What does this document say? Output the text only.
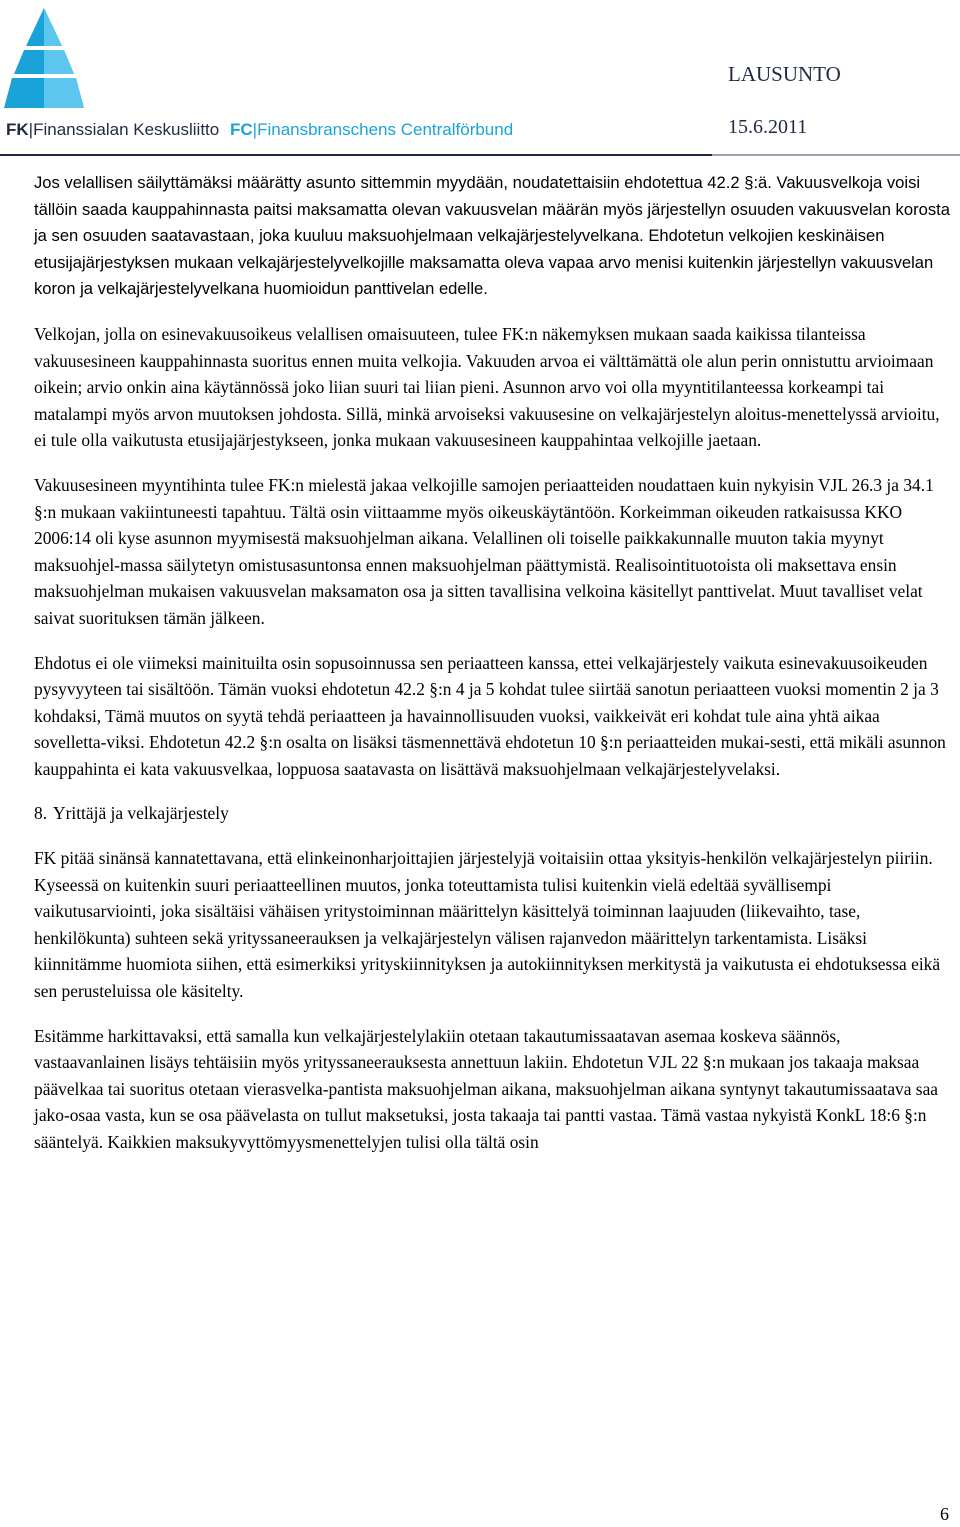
FK|Finanssialan Keskusliitto FC|Finansbranschens Centralförbund
LAUSUNTO
15.6.2011

Jos velallisen säilyttämäksi määrätty asunto sittemmin myydään, noudatettaisiin ehdotettua 42.2 §:ä. Vakuusvelkoja voisi tällöin saada kauppahinnasta paitsi maksamatta olevan vakuusvelan määrän myös järjestellyn osuuden vakuusvelan korosta ja sen osuuden saatavastaan, joka kuuluu maksuohjelmaan velkajärjestelyvelkana. Ehdotetun velkojien keskinäisen etusijajärjestyksen mukaan velkajärjestelyvelkojille maksamatta oleva vapaa arvo menisi kuitenkin järjestellyn vakuusvelan koron ja velkajärjestelyvelkana huomioidun panttivelan edelle.

Velkojan, jolla on esinevakuusoikeus velallisen omaisuuteen, tulee FK:n näkemyksen mukaan saada kaikissa tilanteissa vakuusesineen kauppahinnasta suoritus ennen muita velkojia. Vakuuden arvoa ei välttämättä ole alun perin onnistuttu arvioimaan oikein; arvio onkin aina käytännössä joko liian suuri tai liian pieni. Asunnon arvo voi olla myyntitilanteessa korkeampi tai matalampi myös arvon muutoksen johdosta. Sillä, minkä arvoiseksi vakuusesine on velkajärjestelyn aloitus-menettelyssä arvioitu, ei tule olla vaikutusta etusijajärjestykseen, jonka mukaan vakuusesineen kauppahintaa velkojille jaetaan.

Vakuusesineen myyntihinta tulee FK:n mielestä jakaa velkojille samojen periaatteiden noudattaen kuin nykyisin VJL 26.3 ja 34.1 §:n mukaan vakiintuneesti tapahtuu. Tältä osin viittaamme myös oikeuskäytäntöön. Korkeimman oikeuden ratkaisussa KKO 2006:14 oli kyse asunnon myymisestä maksuohjelman aikana. Velallinen oli toiselle paikkakunnalle muuton takia myynyt maksuohjel-massa säilytetyn omistusasuntonsa ennen maksuohjelman päättymistä. Realisointituotoista oli maksettava ensin maksuohjelman mukaisen vakuusvelan maksamaton osa ja sitten tavallisina velkoina käsitellyt panttivelat. Muut tavalliset velat saivat suorituksen tämän jälkeen.

Ehdotus ei ole viimeksi mainituilta osin sopusoinnussa sen periaatteen kanssa, ettei velkajärjestely vaikuta esinevakuusoikeuden pysyvyyteen tai sisältöön. Tämän vuoksi ehdotetun 42.2 §:n 4 ja 5 kohdat tulee siirtää sanotun periaatteen vuoksi momentin 2 ja 3 kohdaksi, Tämä muutos on syytä tehdä periaatteen ja havainnollisuuden vuoksi, vaikkeivät eri kohdat tule aina yhtä aikaa sovelletta-viksi. Ehdotetun 42.2 §:n osalta on lisäksi täsmennettävä ehdotetun 10 §:n periaatteiden mukai-sesti, että mikäli asunnon kauppahinta ei kata vakuusvelkaa, loppuosa saatavasta on lisättävä maksuohjelmaan velkajärjestelyvelaksi.

8. Yrittäjä ja velkajärjestely

FK pitää sinänsä kannatettavana, että elinkeinonharjoittajien järjestelyjä voitaisiin ottaa yksityis-henkilön velkajärjestelyn piiriin. Kyseessä on kuitenkin suuri periaatteellinen muutos, jonka toteuttamista tulisi kuitenkin vielä edeltää syvällisempi vaikutusarviointi, joka sisältäisi vähäisen yritystoiminnan määrittelyn käsittelyä toiminnan laajuuden (liikevaihto, tase, henkilökunta) suhteen sekä yrityssaneerauksen ja velkajärjestelyn välisen rajanvedon määrittelyn tarkentamista. Lisäksi kiinnitämme huomiota siihen, että esimerkiksi yrityskiinnityksen ja autokiinnityksen merkitystä ja vaikutusta ei ehdotuksessa eikä sen perusteluissa ole käsitelty.

Esitämme harkittavaksi, että samalla kun velkajärjestelylakiin otetaan takautumissaatavan asemaa koskeva säännös, vastaavanlainen lisäys tehtäisiin myös yrityssaneerauksesta annettuun lakiin. Ehdotetun VJL 22 §:n mukaan jos takaaja maksaa päävelkaa tai suoritus otetaan vierasvelka-pantista maksuohjelman aikana, maksuohjelman aikana syntynyt takautumissaatava saa jako-osaa vasta, kun se osa päävelasta on tullut maksetuksi, josta takaaja tai pantti vastaa. Tämä vastaa nykyistä KonkL 18:6 §:n sääntelyä. Kaikkien maksukyvyttömyysmenettelyjen tulisi olla tältä osin

6
